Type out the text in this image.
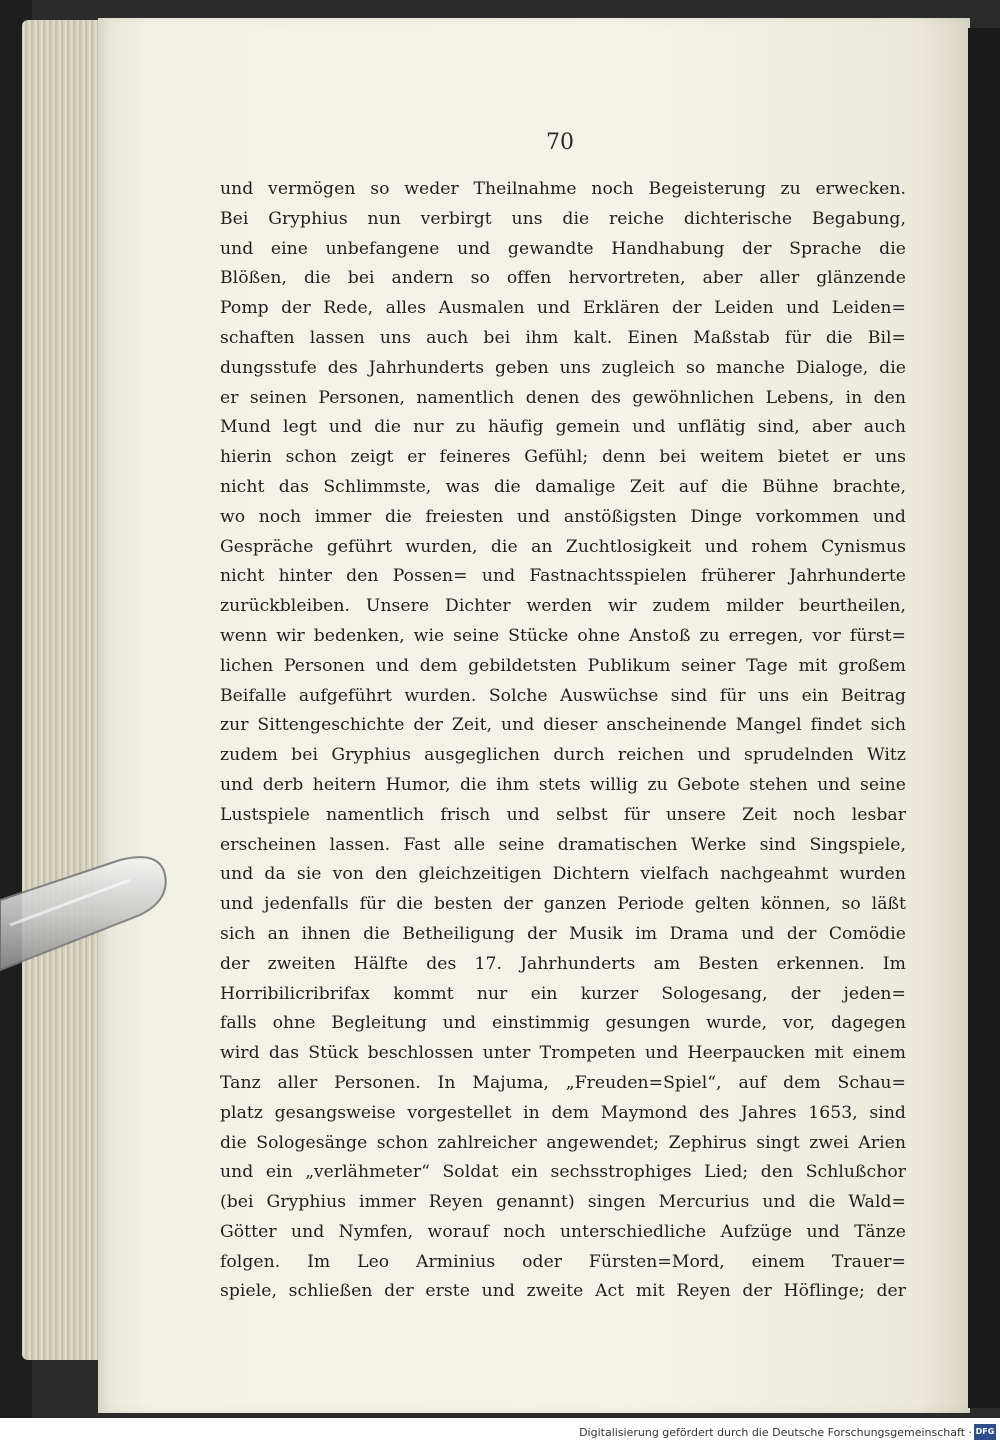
70
und vermögen so weder Theilnahme noch Begeisterung zu erwecken.
Bei Gryphius nun verbirgt uns die reiche dichterische Begabung,
und eine unbefangene und gewandte Handhabung der Sprache die
Blößen, die bei andern so offen hervortreten, aber aller glänzende
Pomp der Rede, alles Ausmalen und Erklären der Leiden und Leiden=
schaften lassen uns auch bei ihm kalt. Einen Maßstab für die Bil=
dungsstufe des Jahrhunderts geben uns zugleich so manche Dialoge, die
er seinen Personen, namentlich denen des gewöhnlichen Lebens, in den
Mund legt und die nur zu häufig gemein und unflätig sind, aber auch
hierin schon zeigt er feineres Gefühl; denn bei weitem bietet er uns
nicht das Schlimmste, was die damalige Zeit auf die Bühne brachte,
wo noch immer die freiesten und anstößigsten Dinge vorkommen und
Gespräche geführt wurden, die an Zuchtlosigkeit und rohem Cynismus
nicht hinter den Possen= und Fastnachtsspielen früherer Jahrhunderte
zurückbleiben. Unsere Dichter werden wir zudem milder beurtheilen,
wenn wir bedenken, wie seine Stücke ohne Anstoß zu erregen, vor fürst=
lichen Personen und dem gebildetsten Publikum seiner Tage mit großem
Beifalle aufgeführt wurden. Solche Auswüchse sind für uns ein Beitrag
zur Sittengeschichte der Zeit, und dieser anscheinende Mangel findet sich
zudem bei Gryphius ausgeglichen durch reichen und sprudelnden Witz
und derb heitern Humor, die ihm stets willig zu Gebote stehen und seine
Lustspiele namentlich frisch und selbst für unsere Zeit noch lesbar
erscheinen lassen. Fast alle seine dramatischen Werke sind Singspiele,
und da sie von den gleichzeitigen Dichtern vielfach nachgeahmt wurden
und jedenfalls für die besten der ganzen Periode gelten können, so läßt
sich an ihnen die Betheiligung der Musik im Drama und der Comödie
der zweiten Hälfte des 17. Jahrhunderts am Besten erkennen. Im
Horribilicribrifax kommt nur ein kurzer Sologesang, der jeden=
falls ohne Begleitung und einstimmig gesungen wurde, vor, dagegen
wird das Stück beschlossen unter Trompeten und Heerpaucken mit einem
Tanz aller Personen. In Majuma, „Freuden=Spiel“, auf dem Schau=
platz gesangsweise vorgestellet in dem Maymond des Jahres 1653, sind
die Sologesänge schon zahlreicher angewendet; Zephirus singt zwei Arien
und ein „verlähmeter“ Soldat ein sechsstrophiges Lied; den Schlußchor
(bei Gryphius immer Reyen genannt) singen Mercurius und die Wald=
Götter und Nymfen, worauf noch unterschiedliche Aufzüge und Tänze
folgen. Im Leo Arminius oder Fürsten=Mord, einem Trauer=
spiele, schließen der erste und zweite Act mit Reyen der Höflinge; der
Digitalisierung gefördert durch die Deutsche Forschungsgemeinschaft · DFG
